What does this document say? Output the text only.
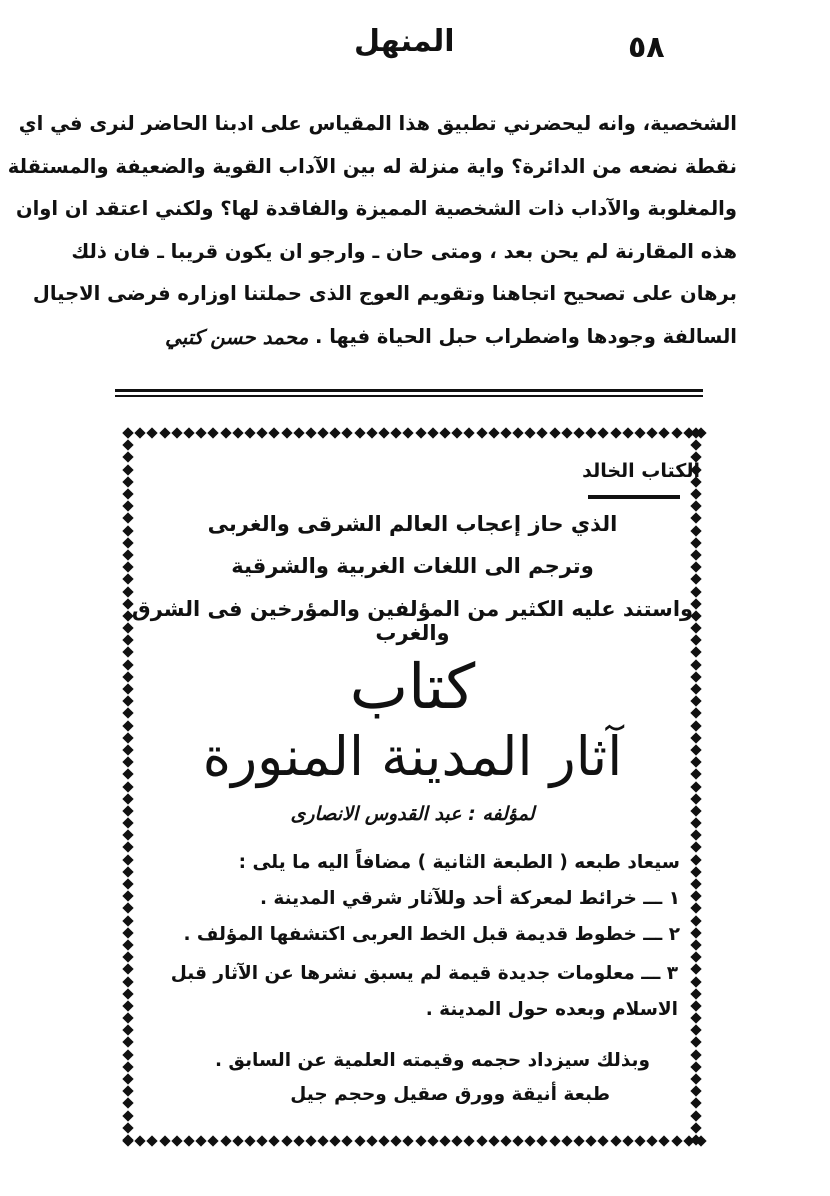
٥٨
المنهل
الشخصية، وانه ليحضرني تطبيق هذا المقياس على ادبنا الحاضر لنرى في اي
نقطة نضعه من الدائرة؟ واية منزلة له بين الآداب القوية والضعيفة والمستقلة
والمغلوبة والآداب ذات الشخصية المميزة والفاقدة لها؟ ولكني اعتقد ان اوان
هذه المقارنة لم يحن بعد ، ومتى حان ـ وارجو ان يكون قريبا ـ فان ذلك
برهان على تصحيح اتجاهنا وتقويم العوج الذى حملتنا اوزاره فرضى الاجيال
السالفة وجودها واضطراب حبل الحياة فيها .
محمد حسن كتبي
الكتاب الخالد
الذي حاز إعجاب العالم الشرقى والغربى
وترجم الى اللغات الغربية والشرقية
واستند عليه الكثير من المؤلفين والمؤرخين فى الشرق والغرب
كتاب
آثار المدينة المنورة
لمؤلفه : عبد القدوس الانصارى
سيعاد طبعه ( الطبعة الثانية ) مضافاً اليه ما يلى :
١ ـــ خرائط لمعركة أحد وللآثار شرقي المدينة .
٢ ـــ خطوط قديمة قبل الخط العربى اكتشفها المؤلف .
٣ ـــ معلومات جديدة قيمة لم يسبق نشرها عن الآثار قبل الاسلام وبعده حول المدينة .
وبذلك سيزداد حجمه وقيمته العلمية عن السابق .
طبعة أنيقة وورق صقيل وحجم جيل
